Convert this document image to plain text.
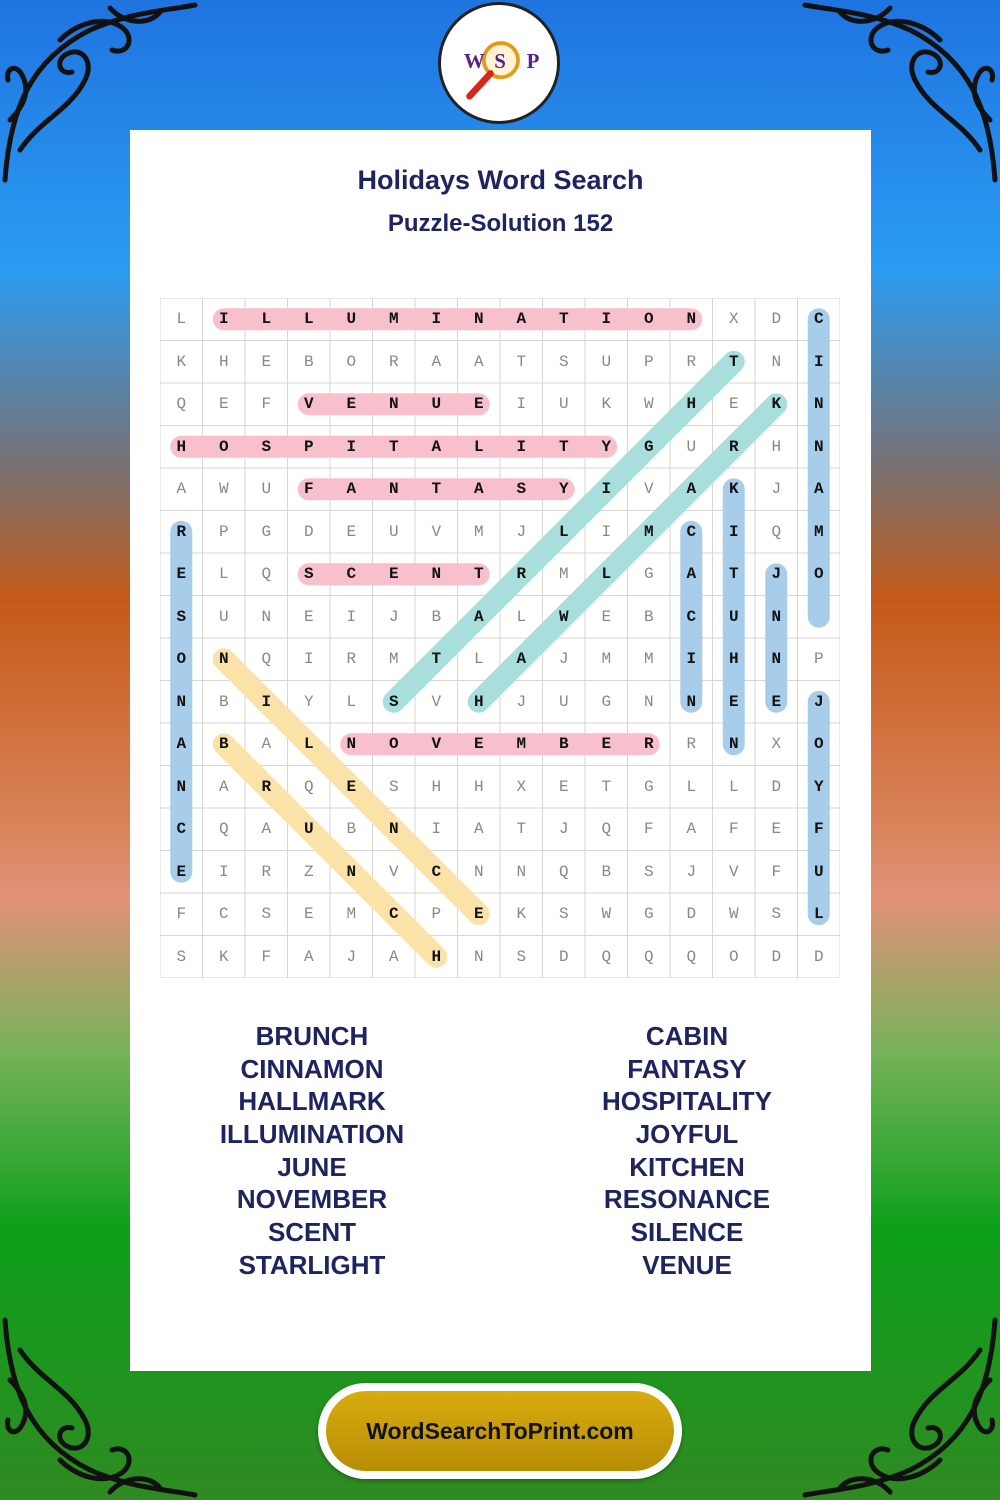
W S P
Holidays Word Search
Puzzle-Solution 152
L	I	L	L	U	M	I	N	A	T	I	O	N	X	D	C
K	H	E	B	O	R	A	A	T	S	U	P	R	T	N	I
Q	E	F	V	E	N	U	E	I	U	K	W	H	E	K	N
H	O	S	P	I	T	A	L	I	T	Y	G	U	R	H	N
A	W	U	F	A	N	T	A	S	Y	I	V	A	K	J	A
R	P	G	D	E	U	V	M	J	L	I	M	C	I	Q	M
E	L	Q	S	C	E	N	T	R	M	L	G	A	T	J	O
S	U	N	E	I	J	B	A	L	W	E	B	C	U	N
O	N	Q	I	R	M	T	L	A	J	M	M	I	H	N	P
N	B	I	Y	L	S	V	H	J	U	G	N	N	E	E	J
A	B	A	L	N	O	V	E	M	B	E	R	R	N	X	O
N	A	R	Q	E	S	H	H	X	E	T	G	L	L	D	Y
C	Q	A	U	B	N	I	A	T	J	Q	F	A	F	E	F
E	I	R	Z	N	V	C	N	N	Q	B	S	J	V	F	U
F	C	S	E	M	C	P	E	K	S	W	G	D	W	S	L
S	K	F	A	J	A	H	N	S	D	Q	Q	Q	O	D	D
BRUNCH
CINNAMON
HALLMARK
ILLUMINATION
JUNE
NOVEMBER
SCENT
STARLIGHT
CABIN
FANTASY
HOSPITALITY
JOYFUL
KITCHEN
RESONANCE
SILENCE
VENUE
WordSearchToPrint.com
